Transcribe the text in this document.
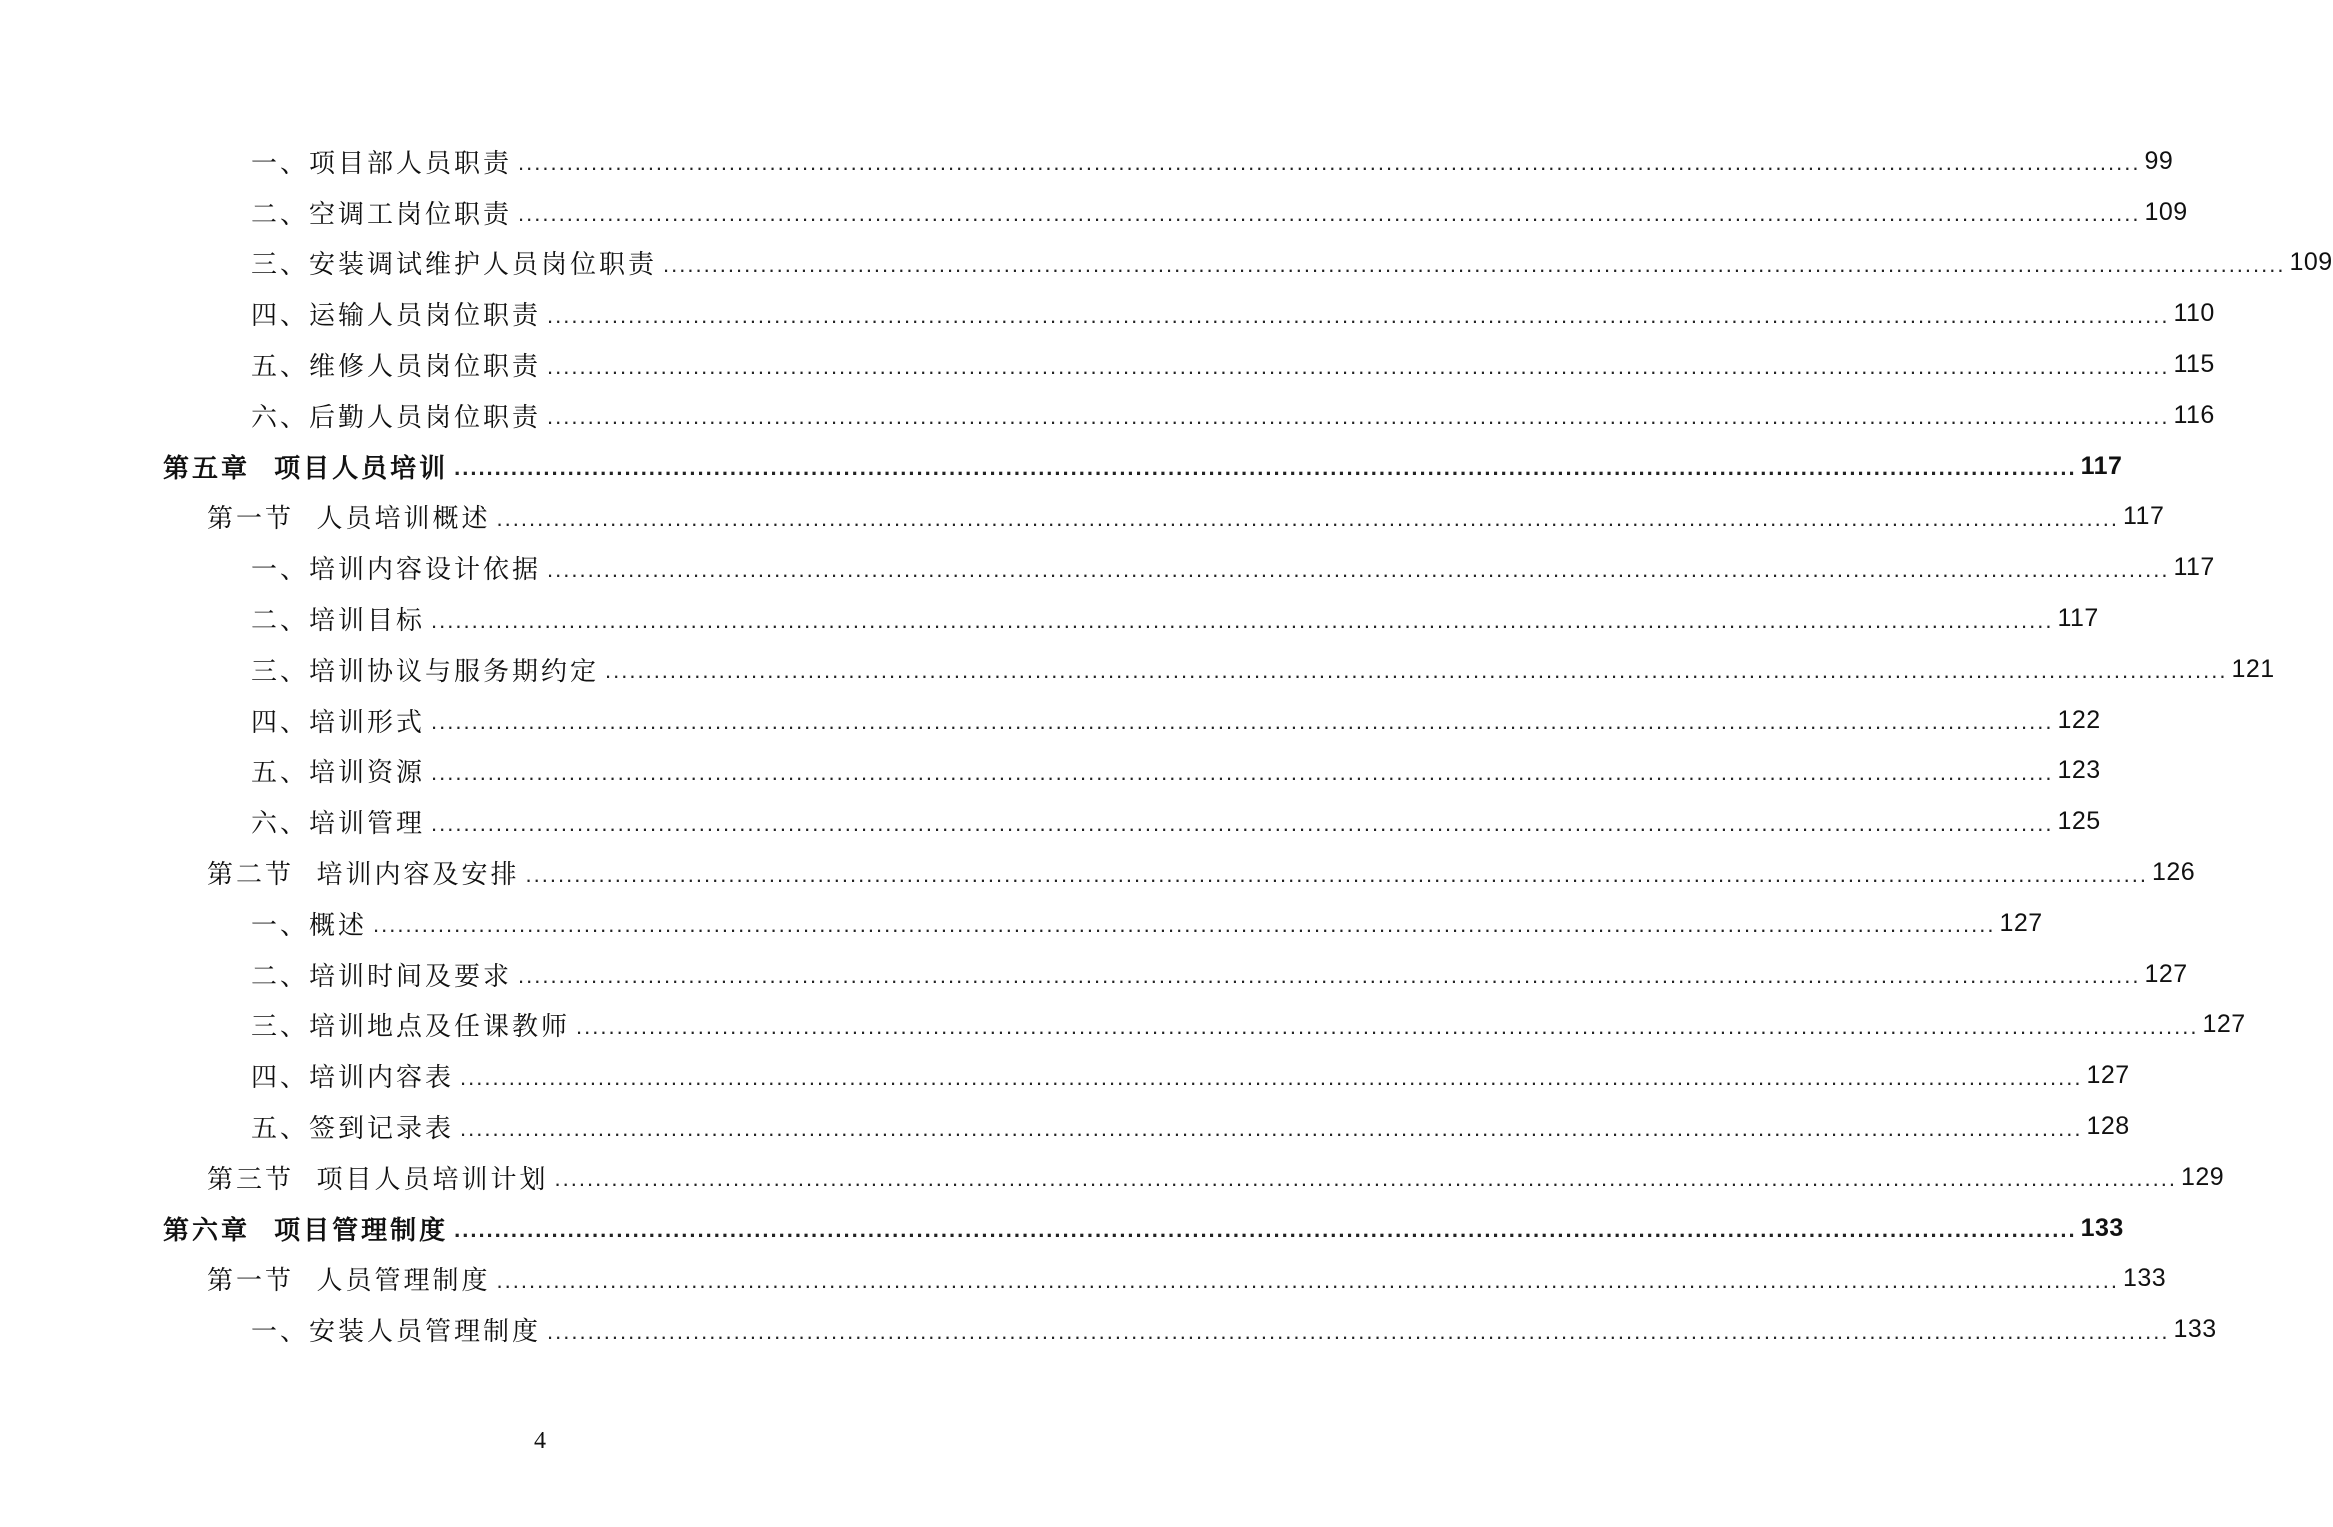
一、项目部人员职责 ........................................................................................................................................................................................................ 99
二、空调工岗位职责 ........................................................................................................................................................................................................ 109
三、安装调试维护人员岗位职责 ........................................................................................................................................................................................................ 109
四、运输人员岗位职责 ........................................................................................................................................................................................................ 110
五、维修人员岗位职责 ........................................................................................................................................................................................................ 115
六、后勤人员岗位职责 ........................................................................................................................................................................................................ 116
第五章  项目人员培训 ........................................................................................................................................................................................................ 117
第一节  人员培训概述 ........................................................................................................................................................................................................ 117
一、培训内容设计依据 ........................................................................................................................................................................................................ 117
二、培训目标 ........................................................................................................................................................................................................ 117
三、培训协议与服务期约定 ........................................................................................................................................................................................................ 121
四、培训形式 ........................................................................................................................................................................................................ 122
五、培训资源 ........................................................................................................................................................................................................ 123
六、培训管理 ........................................................................................................................................................................................................ 125
第二节  培训内容及安排 ........................................................................................................................................................................................................ 126
一、概述 ........................................................................................................................................................................................................ 127
二、培训时间及要求 ........................................................................................................................................................................................................ 127
三、培训地点及任课教师 ........................................................................................................................................................................................................ 127
四、培训内容表 ........................................................................................................................................................................................................ 127
五、签到记录表 ........................................................................................................................................................................................................ 128
第三节  项目人员培训计划 ........................................................................................................................................................................................................ 129
第六章  项目管理制度 ........................................................................................................................................................................................................ 133
第一节  人员管理制度 ........................................................................................................................................................................................................ 133
一、安装人员管理制度 ........................................................................................................................................................................................................ 133
4
